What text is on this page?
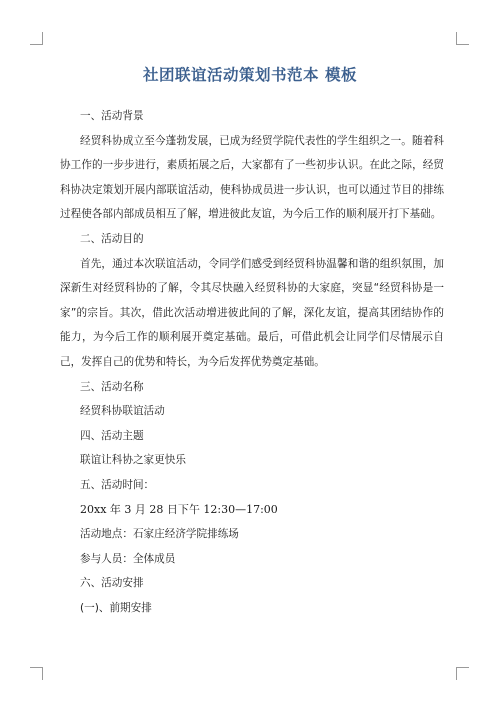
社团联谊活动策划书范本 模板

一、活动背景

经贸科协成立至今蓬勃发展，已成为经贸学院代表性的学生组织之一。随着科协工作的一步步进行，素质拓展之后，大家都有了一些初步认识。在此之际，经贸科协决定策划开展内部联谊活动，使科协成员进一步认识，也可以通过节目的排练过程使各部内部成员相互了解，增进彼此友谊，为今后工作的顺利展开打下基础。

二、活动目的

首先，通过本次联谊活动，令同学们感受到经贸科协温馨和谐的组织氛围，加深新生对经贸科协的了解，令其尽快融入经贸科协的大家庭，突显“经贸科协是一家”的宗旨。其次，借此次活动增进彼此间的了解，深化友谊，提高其团结协作的能力，为今后工作的顺利展开奠定基础。最后，可借此机会让同学们尽情展示自己，发挥自己的优势和特长，为今后发挥优势奠定基础。

三、活动名称

经贸科协联谊活动

四、活动主题

联谊让科协之家更快乐

五、活动时间：

20xx 年 3 月 28 日下午 12:30—17:00

活动地点：石家庄经济学院排练场

参与人员：全体成员

六、活动安排

(一)、前期安排
